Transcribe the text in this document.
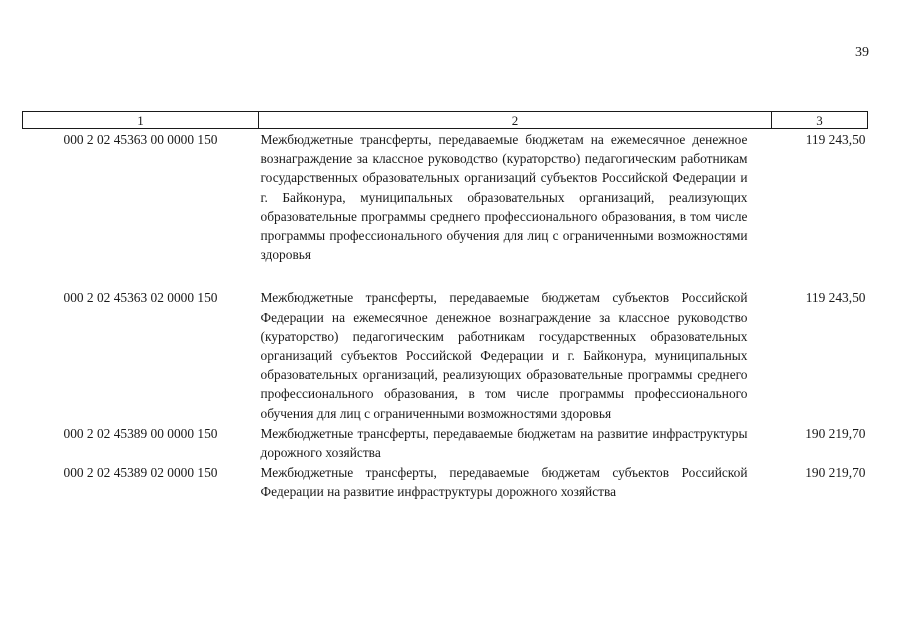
39
1	2	3
000 2 02 45363 00 0000 150	Межбюджетные трансферты, передаваемые бюджетам на ежемесячное денежное вознаграждение за классное руководство (кураторство) педагогическим работникам государственных образовательных организаций субъектов Российской Федерации и г. Байконура, муниципальных образовательных организаций, реализующих образовательные программы среднего профессионального образования, в том числе программы профессионального обучения для лиц с ограниченными возможностями здоровья	119 243,50
000 2 02 45363 02 0000 150	Межбюджетные трансферты, передаваемые бюджетам субъектов Российской Федерации на ежемесячное денежное вознаграждение за классное руководство (кураторство) педагогическим работникам государственных образовательных организаций субъектов Российской Федерации и г. Байконура, муниципальных образовательных организаций, реализующих образовательные программы среднего профессионального образования, в том числе программы профессионального обучения для лиц с ограниченными возможностями здоровья	119 243,50
000 2 02 45389 00 0000 150	Межбюджетные трансферты, передаваемые бюджетам на развитие инфраструктуры дорожного хозяйства	190 219,70
000 2 02 45389 02 0000 150	Межбюджетные трансферты, передаваемые бюджетам субъектов Российской Федерации на развитие инфраструктуры дорожного хозяйства	190 219,70
